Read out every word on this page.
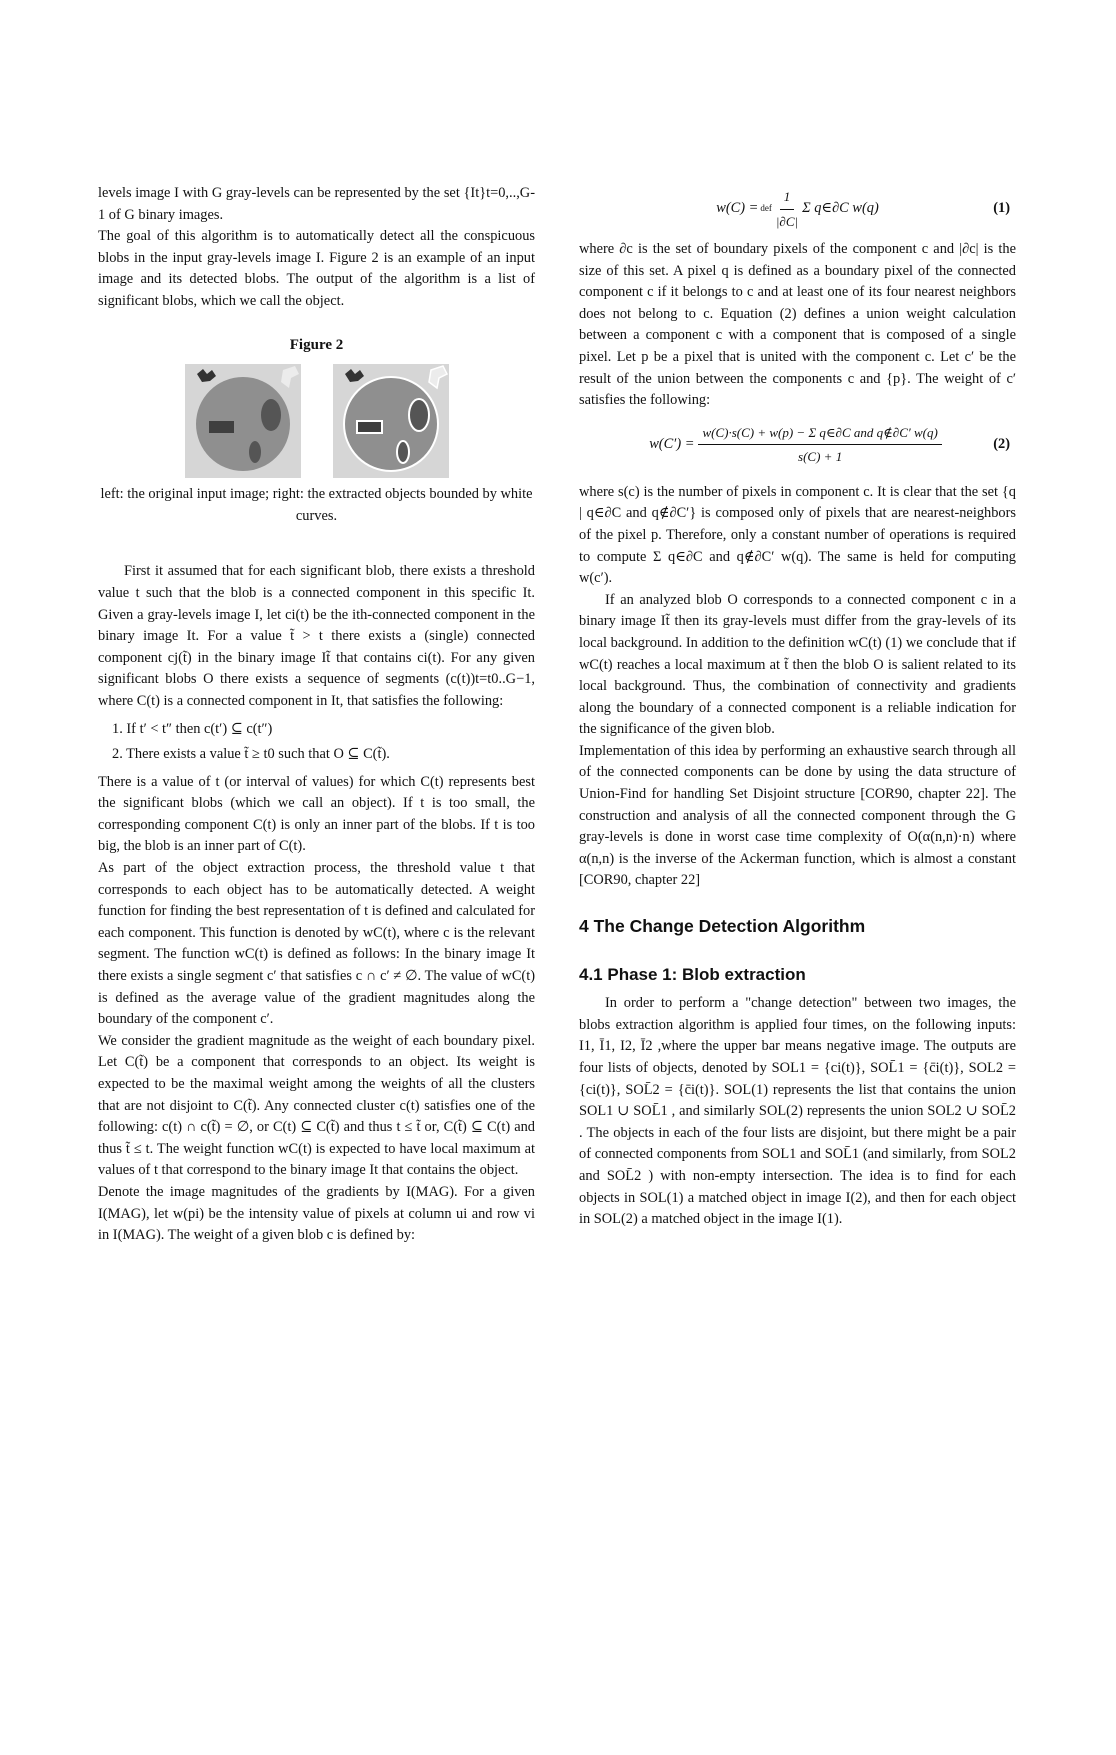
levels image I with G gray-levels can be represented by the set {It}t=0,..,G-1 of G binary images.

The goal of this algorithm is to automatically detect all the conspicuous blobs in the input gray-levels image I. Figure 2 is an example of an input image and its detected blobs. The output of the algorithm is a list of significant blobs, which we call the object.

Figure 2

left: the original input image; right: the extracted objects bounded by white curves.

First it assumed that for each significant blob, there exists a threshold value t such that the blob is a connected component in this specific It. Given a gray-levels image I, let ci(t) be the ith-connected component in the binary image It. For a value t̃ > t there exists a (single) connected component cj(t̃) in the binary image It̃ that contains ci(t). For any given significant blobs O there exists a sequence of segments (c(t))t=t0..G−1, where C(t) is a connected component in It, that satisfies the following:

1. If t′ < t″ then c(t′) ⊆ c(t″)
2. There exists a value t̃ ≥ t0 such that O ⊆ C(t̃).

There is a value of t (or interval of values) for which C(t) represents best the significant blobs (which we call an object). If t is too small, the corresponding component C(t) is only an inner part of the blobs. If t is too big, the blob is an inner part of C(t).

As part of the object extraction process, the threshold value t that corresponds to each object has to be automatically detected. A weight function for finding the best representation of t is defined and calculated for each component. This function is denoted by wC(t), where c is the relevant segment. The function wC(t) is defined as follows: In the binary image It there exists a single segment c′ that satisfies c ∩ c′ ≠ ∅. The value of wC(t) is defined as the average value of the gradient magnitudes along the boundary of the component c′.

We consider the gradient magnitude as the weight of each boundary pixel. Let C(t̃) be a component that corresponds to an object. Its weight is expected to be the maximal weight among the weights of all the clusters that are not disjoint to C(t̃). Any connected cluster c(t) satisfies one of the following: c(t) ∩ c(t̃) = ∅, or C(t) ⊆ C(t̃) and thus t ≤ t̃ or, C(t̃) ⊆ C(t) and thus t̃ ≤ t. The weight function wC(t) is expected to have local maximum at values of t that correspond to the binary image It that contains the object.

Denote the image magnitudes of the gradients by I(MAG). For a given I(MAG), let w(pi) be the intensity value of pixels at column ui and row vi in I(MAG). The weight of a given blob c is defined by:

w(C) = def $\frac{1}{|\partial C|}$ Σ q∈∂C w(q)	(1)

where ∂c is the set of boundary pixels of the component c and |∂c| is the size of this set. A pixel q is defined as a boundary pixel of the connected component c if it belongs to c and at least one of its four nearest neighbors does not belong to c. Equation (2) defines a union weight calculation between a component c with a component that is composed of a single pixel. Let p be a pixel that is united with the component c. Let c′ be the result of the union between the components c and {p}. The weight of c′ satisfies the following:

$w(C') = \frac{\text{w(C)·s(C) + w(p) − Σ q∈∂C and q∉∂C′ w(q)}}{s(C) + 1}$	(2)

where s(c) is the number of pixels in component c. It is clear that the set {q | q∈∂C and q∉∂C′} is composed only of pixels that are nearest-neighbors of the pixel p. Therefore, only a constant number of operations is required to compute Σ q∈∂C and q∉∂C′ w(q). The same is held for computing w(c′).

If an analyzed blob O corresponds to a connected component c in a binary image It̃ then its gray-levels must differ from the gray-levels of its local background. In addition to the definition wC(t) (1) we conclude that if wC(t) reaches a local maximum at t̃ then the blob O is salient related to its local background. Thus, the combination of connectivity and gradients along the boundary of a connected component is a reliable indication for the significance of the given blob.

Implementation of this idea by performing an exhaustive search through all of the connected components can be done by using the data structure of Union-Find for handling Set Disjoint structure [COR90, chapter 22]. The construction and analysis of all the connected component through the G gray-levels is done in worst case time complexity of O(α(n,n)·n) where α(n,n) is the inverse of the Ackerman function, which is almost a constant [COR90, chapter 22]

4 The Change Detection Algorithm
4.1 Phase 1: Blob extraction

In order to perform a "change detection" between two images, the blobs extraction algorithm is applied four times, on the following inputs: I1, Ī1, I2, Ī2 ,where the upper bar means negative image. The outputs are four lists of objects, denoted by SOL1 = {ci(t)}, SOL̄1 = {c̄i(t)}, SOL2 = {ci(t)}, SOL̄2 = {c̄i(t)}. SOL(1) represents the list that contains the union SOL1 ∪ SOL̄1 , and similarly SOL(2) represents the union SOL2 ∪ SOL̄2 . The objects in each of the four lists are disjoint, but there might be a pair of connected components from SOL1 and SOL̄1 (and similarly, from SOL2 and SOL̄2 ) with non-empty intersection. The idea is to find for each objects in SOL(1) a matched object in image I(2), and then for each object in SOL(2) a matched object in the image I(1).
